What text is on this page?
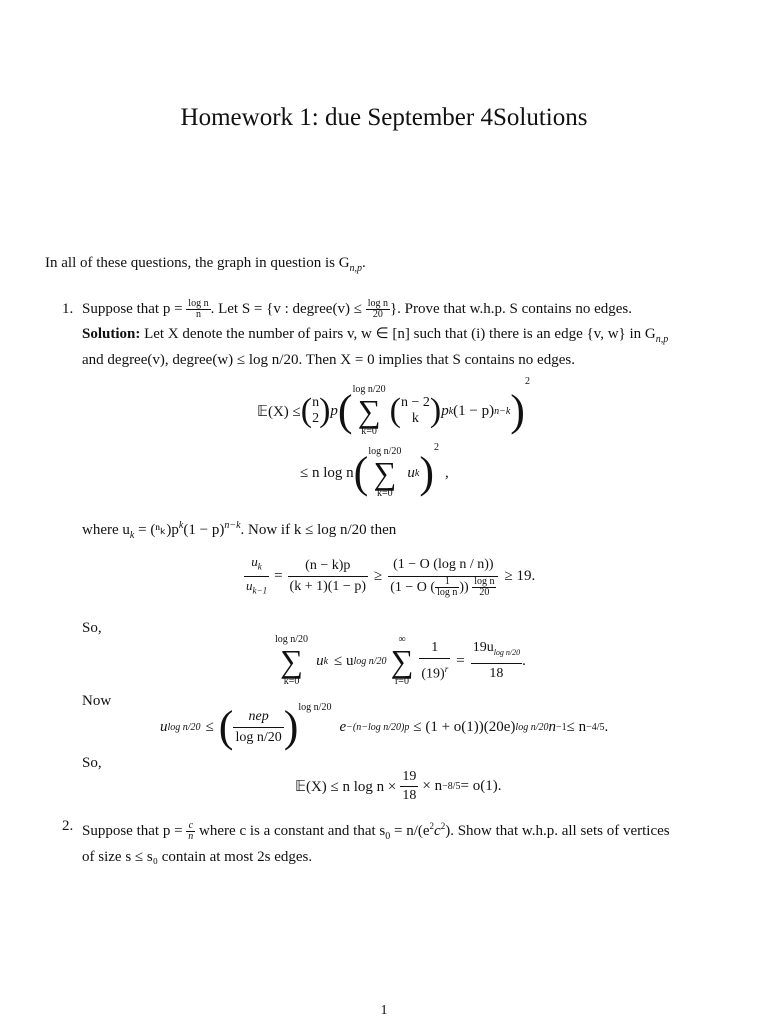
Homework 1: due September 4Solutions
In all of these questions, the graph in question is $G_{n,p}$.
1. Suppose that $p = \frac{\text{log n}}{n}$ . Let S = {v : degree(v) ≤ $\frac{\text{log n}}{20}$ }. Prove that w.h.p. S contains no edges.
Solution: Let X denote the number of pairs v, w ∈ [n] such that (i) there is an edge {v, w} in $G_{n,p}$
and degree(v), degree(w) ≤ log n/20. Then X = 0 implies that S contains no edges.
𝔼(X) ≤ ( n
2 ) p ( log n/20
∑
k=0
( n − 2
k ) p k (1 − p) n−k )
2
≤ n log n ( log n/20
∑
k=0
u k )
$^2$
,
where $u_k = (^n_k)p^k(1 - p)^{n-k}$. Now if k ≤ log n/20 then
$\frac{u_k}{u_{k-1}} = \frac{(n - k)p}{(k + 1)(1 - p)} \ge \frac{\text{(1 − O (log n / n))}}{(1 - O ( \frac{1}{\text{log n}} )) \frac{\text{log n}}{20}} \ge 19$.
So,
log n/20
∑
k=0
u k ≤ u log n/20
∞
∑
$r=0 \frac{1}{(19)^r} = \frac{19u_{log n/20}}{18}$ .
Now
u log n/20 ≤ ( $\frac{\text{nep}}{\text{log n/20}} )^{log n/20}$
e −(n−log n/20)p ≤ (1 + o(1))(20e) log n/20 n −1 ≤ n −4/5 .
So,
𝔼(X) ≤ n $\log n \times \frac{19}{18} \times n -8/5 = o(1)$.
2. Suppose that $p = \frac{c}{n}$ where c is a constant and that $s_0 = n/(e^2c^2)$. Show that w.h.p. all sets of vertices
of size s ≤ s₀ contain at most 2s edges.
1
